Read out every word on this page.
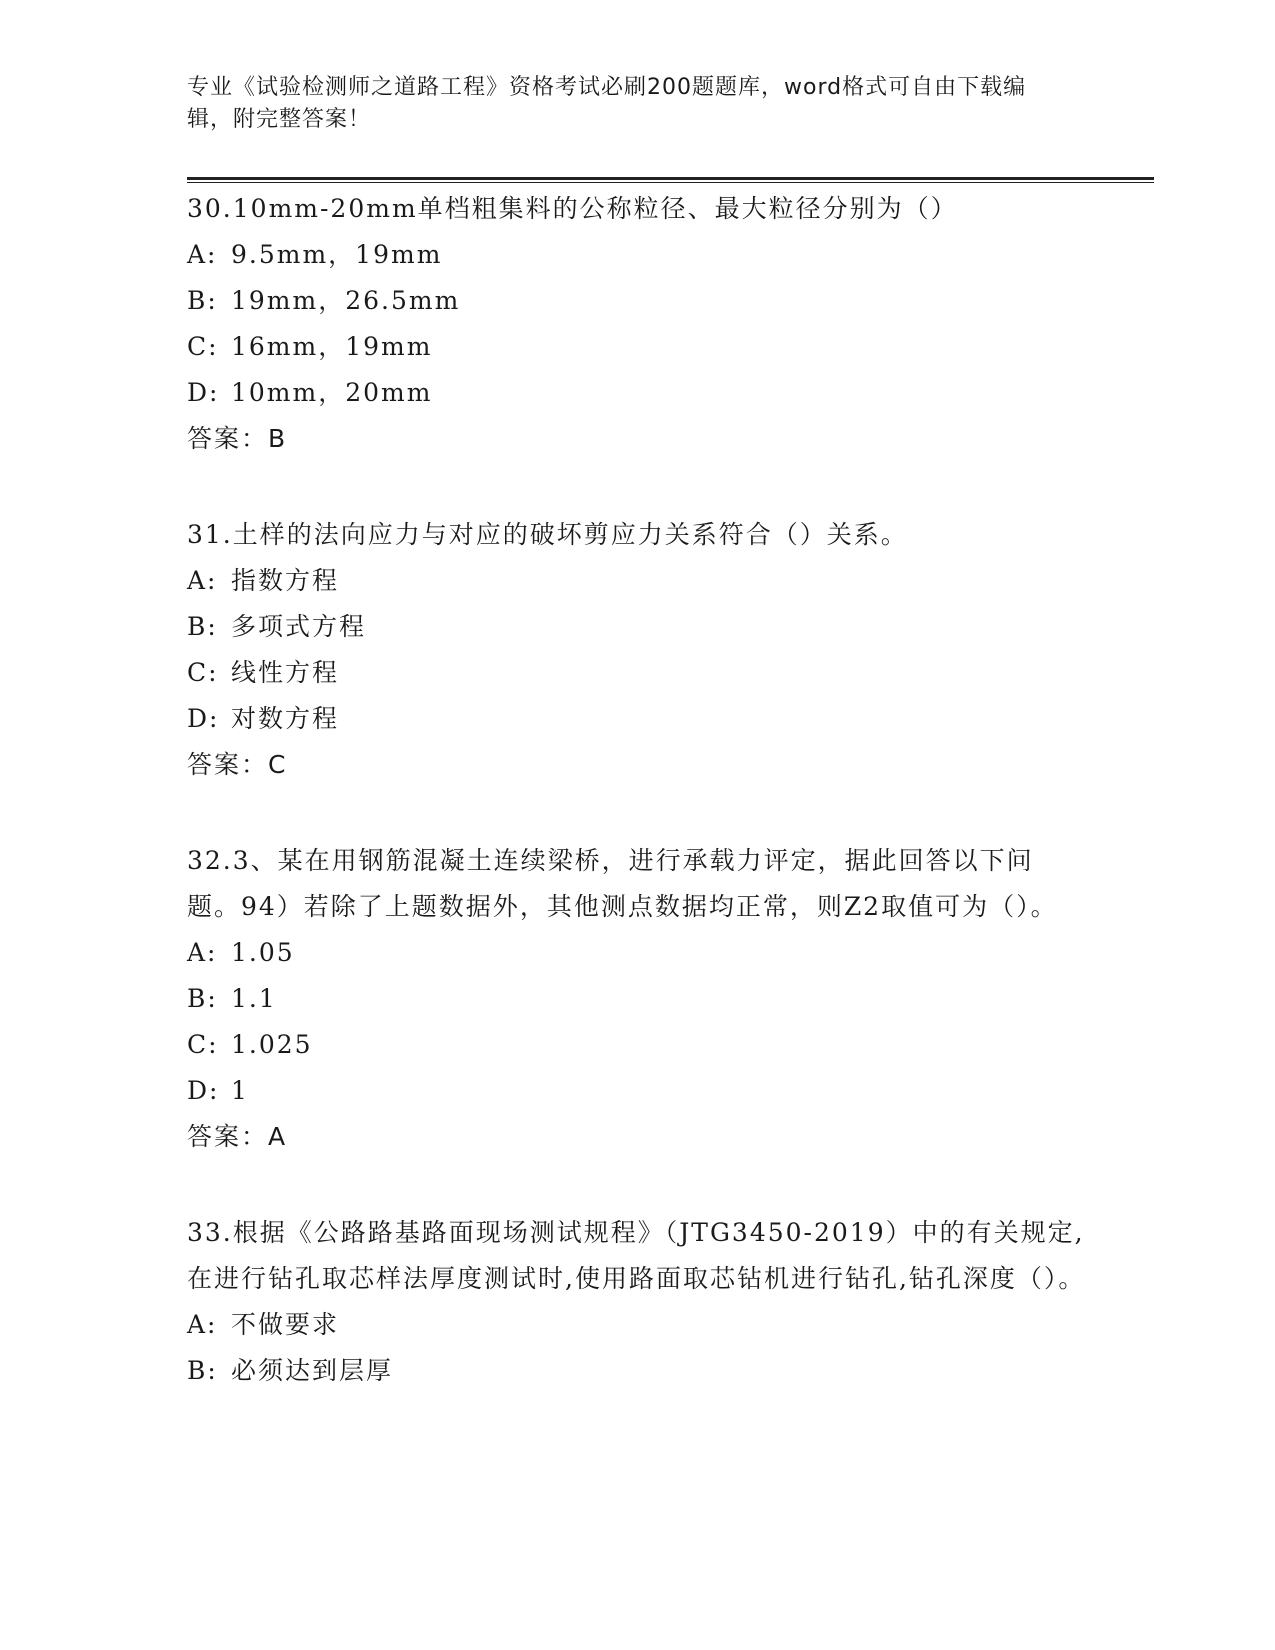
专业《试验检测师之道路工程》资格考试必刷200题题库，word格式可自由下载编辑，附完整答案！

30.10mm-20mm单档粗集料的公称粒径、最大粒径分别为（）

A: 9.5mm，19mm

B: 19mm，26.5mm

C: 16mm，19mm

D: 10mm，20mm

答案：B

31.土样的法向应力与对应的破坏剪应力关系符合（）关系。

A: 指数方程

B: 多项式方程

C: 线性方程

D: 对数方程

答案：C

32.3、某在用钢筋混凝土连续梁桥，进行承载力评定，据此回答以下问题。94）若除了上题数据外，其他测点数据均正常，则Z2取值可为（）。

A: 1.05

B: 1.1

C: 1.025

D: 1

答案：A

33.根据《公路路基路面现场测试规程》（JTG3450-2019）中的有关规定,在进行钻孔取芯样法厚度测试时,使用路面取芯钻机进行钻孔,钻孔深度（）。

A: 不做要求

B: 必须达到层厚
